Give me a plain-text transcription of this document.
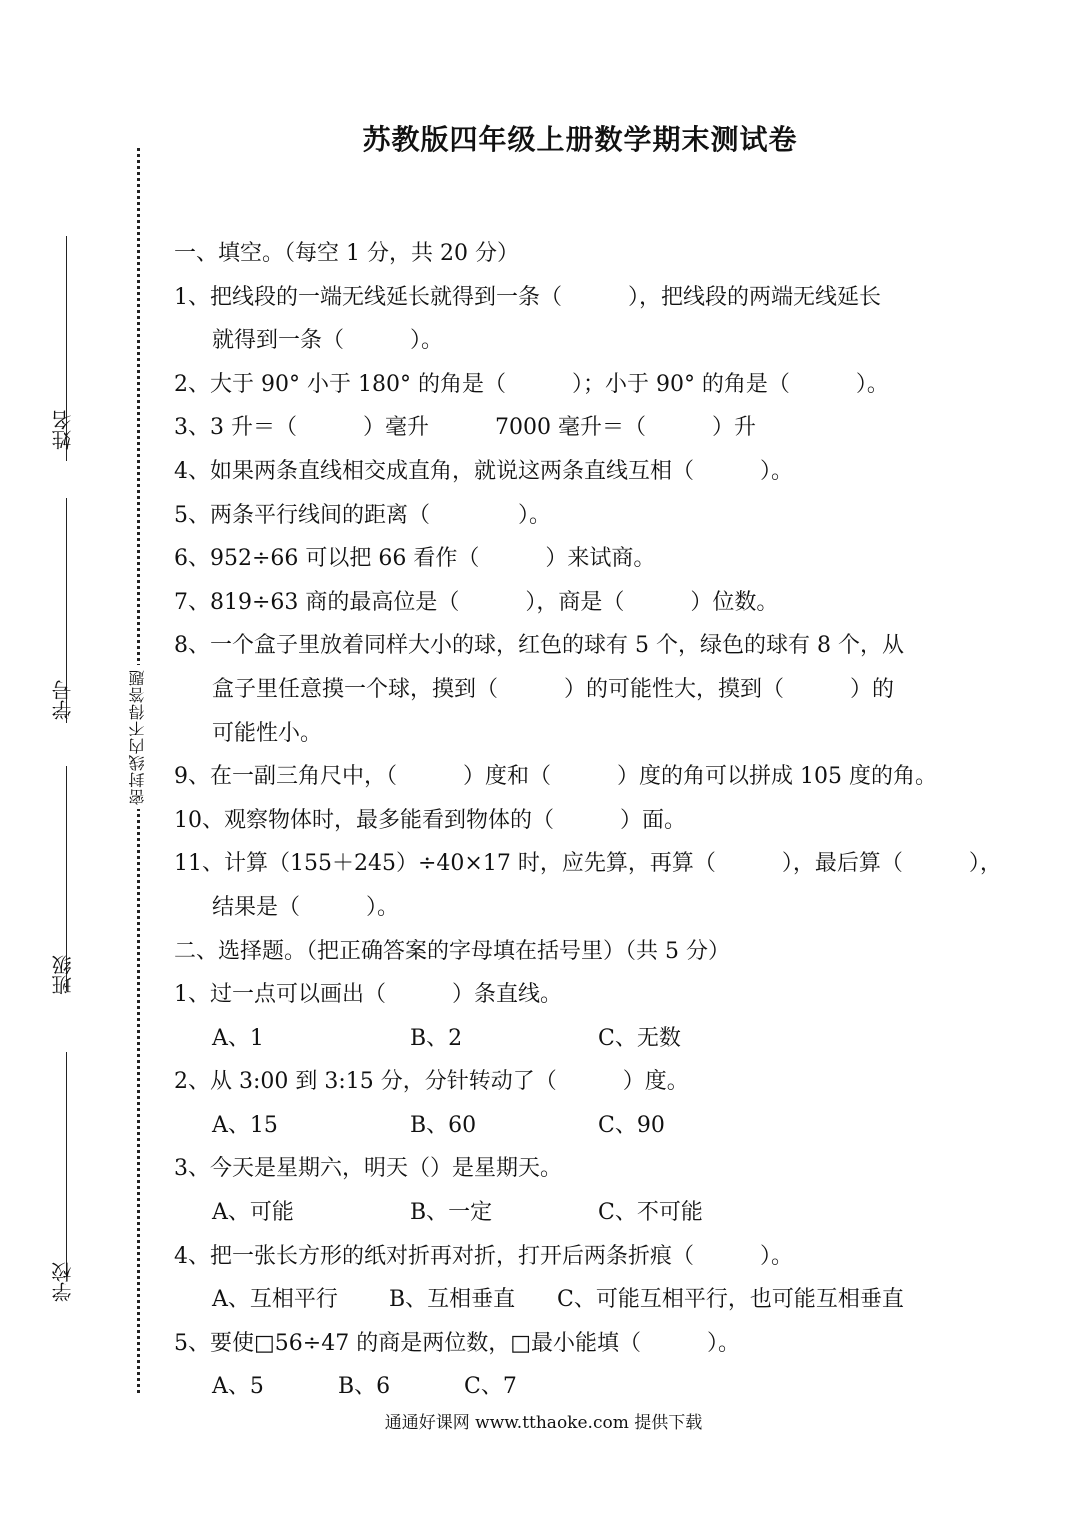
苏教版四年级上册数学期末测试卷
姓名
学号
班级
学校
密封线内不得答题
一、填空。（每空 1 分，共 20 分）
1、把线段的一端无线延长就得到一条（　　　），把线段的两端无线延长
就得到一条（　　　）。
2、大于 90° 小于 180° 的角是（　　　）；小于 90° 的角是（　　　）。
3、3 升＝（　　　）毫升　　　7000 毫升＝（　　　）升
4、如果两条直线相交成直角，就说这两条直线互相（　　　）。
5、两条平行线间的距离（　　　　）。
6、952÷66 可以把 66 看作（　　　）来试商。
7、819÷63 商的最高位是（　　　），商是（　　　）位数。
8、一个盒子里放着同样大小的球，红色的球有 5 个，绿色的球有 8 个，从
盒子里任意摸一个球，摸到（　　　）的可能性大，摸到（　　　）的
可能性小。
9、在一副三角尺中，（　　　）度和（　　　）度的角可以拼成 105 度的角。
10、观察物体时，最多能看到物体的（　　　）面。
11、计算（155＋245）÷40×17 时，应先算，再算（　　　），最后算（　　　），
结果是（　　　）。
二、选择题。（把正确答案的字母填在括号里）（共 5 分）
1、过一点可以画出（　　　）条直线。
A、1	B、2	C、无数
2、从 3:00 到 3:15 分，分针转动了（　　　）度。
A、15	B、60	C、90
3、今天是星期六，明天（）是星期天。
A、可能	B、一定	C、不可能
4、把一张长方形的纸对折再对折，打开后两条折痕（　　　）。
A、互相平行	B、互相垂直	C、可能互相平行，也可能互相垂直
5、要使□56÷47 的商是两位数，□最小能填（　　　）。
A、5	B、6	C、7
通通好课网 www.tthaoke.com 提供下载
